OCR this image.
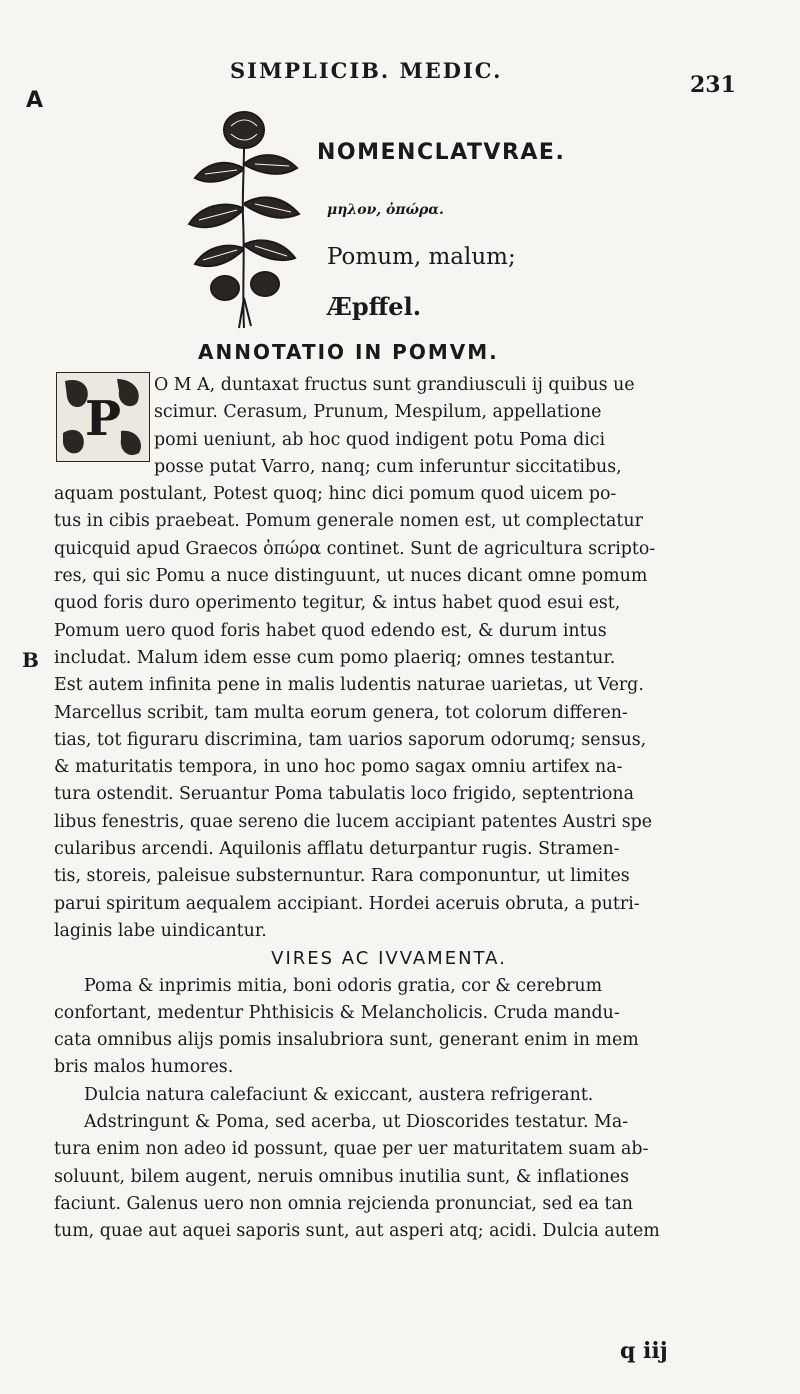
SIMPLICIB. MEDIC.
231
A
B
NOMENCLATVRAE.
μηλον, ὀπώρα.
Pomum, malum;
Æpffel.
ANNOTATIO IN POMVM.
P
O M A, duntaxat fructus sunt grandiusculi ij quibus ue
scimur. Cerasum, Prunum, Mespilum, appellatione
pomi ueniunt, ab hoc quod indigent potu Poma dici
posse putat Varro, nanq; cum inferuntur siccitatibus,
aquam postulant, Potest quoq; hinc dici pomum quod uicem po-
tus in cibis praebeat. Pomum generale nomen est, ut complectatur
quicquid apud Graecos ὀπώρα continet. Sunt de agricultura scripto-
res, qui sic Pomu a nuce distinguunt, ut nuces dicant omne pomum
quod foris duro operimento tegitur, & intus habet quod esui est,
Pomum uero quod foris habet quod edendo est, & durum intus
includat. Malum idem esse cum pomo plaeriq; omnes testantur.
Est autem infinita pene in malis ludentis naturae uarietas, ut Verg.
Marcellus scribit, tam multa eorum genera, tot colorum differen-
tias, tot figuraru discrimina, tam uarios saporum odorumq; sensus,
& maturitatis tempora, in uno hoc pomo sagax omniu artifex na-
tura ostendit. Seruantur Poma tabulatis loco frigido, septentriona
libus fenestris, quae sereno die lucem accipiant patentes Austri spe
cularibus arcendi. Aquilonis afflatu deturpantur rugis. Stramen-
tis, storeis, paleisue substernuntur. Rara componuntur, ut limites
parui spiritum aequalem accipiant. Hordei aceruis obruta, a putri-
laginis labe uindicantur.
VIRES AC IVVAMENTA.
Poma & inprimis mitia, boni odoris gratia, cor & cerebrum
confortant, medentur Phthisicis & Melancholicis. Cruda mandu-
cata omnibus alijs pomis insalubriora sunt, generant enim in mem
bris malos humores.
Dulcia natura calefaciunt & exiccant, austera refrigerant.
Adstringunt & Poma, sed acerba, ut Dioscorides testatur. Ma-
tura enim non adeo id possunt, quae per uer maturitatem suam ab-
soluunt, bilem augent, neruis omnibus inutilia sunt, & inflationes
faciunt. Galenus uero non omnia rejcienda pronunciat, sed ea tan
tum, quae aut aquei saporis sunt, aut asperi atq; acidi. Dulcia autem
q iij
